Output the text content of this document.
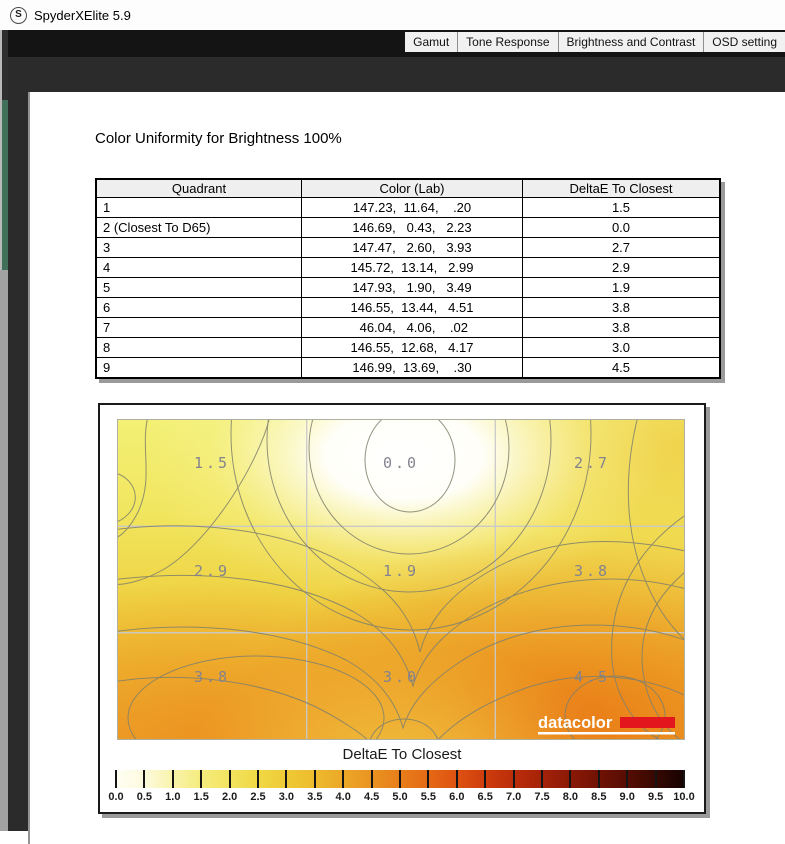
S SpyderXElite 5.9
Gamut	Tone Response	Brightness and Contrast	OSD setting
Color Uniformity for Brightness 100%
Quadrant	Color (Lab)	DeltaE To Closest
1	147.23,  11.64,    .20	1.5
2 (Closest To D65)	146.69,   0.43,   2.23	0.0
3	147.47,   2.60,   3.93	2.7
4	145.72,  13.14,   2.99	2.9
5	147.93,   1.90,   3.49	1.9
6	146.55,  13.44,   4.51	3.8
7	46.04,   4.06,    .02	3.8
8	146.55,  12.68,   4.17	3.0
9	146.99,  13.69,    .30	4.5
1.5	0.0	2.7
2.9	1.9	3.8
3.8	3.0	4.5
datacolor
DeltaE To Closest
0.0 0.5 1.0 1.5 2.0 2.5 3.0 3.5 4.0 4.5 5.0 5.5 6.0 6.5 7.0 7.5 8.0 8.5 9.0 9.5 10.0
